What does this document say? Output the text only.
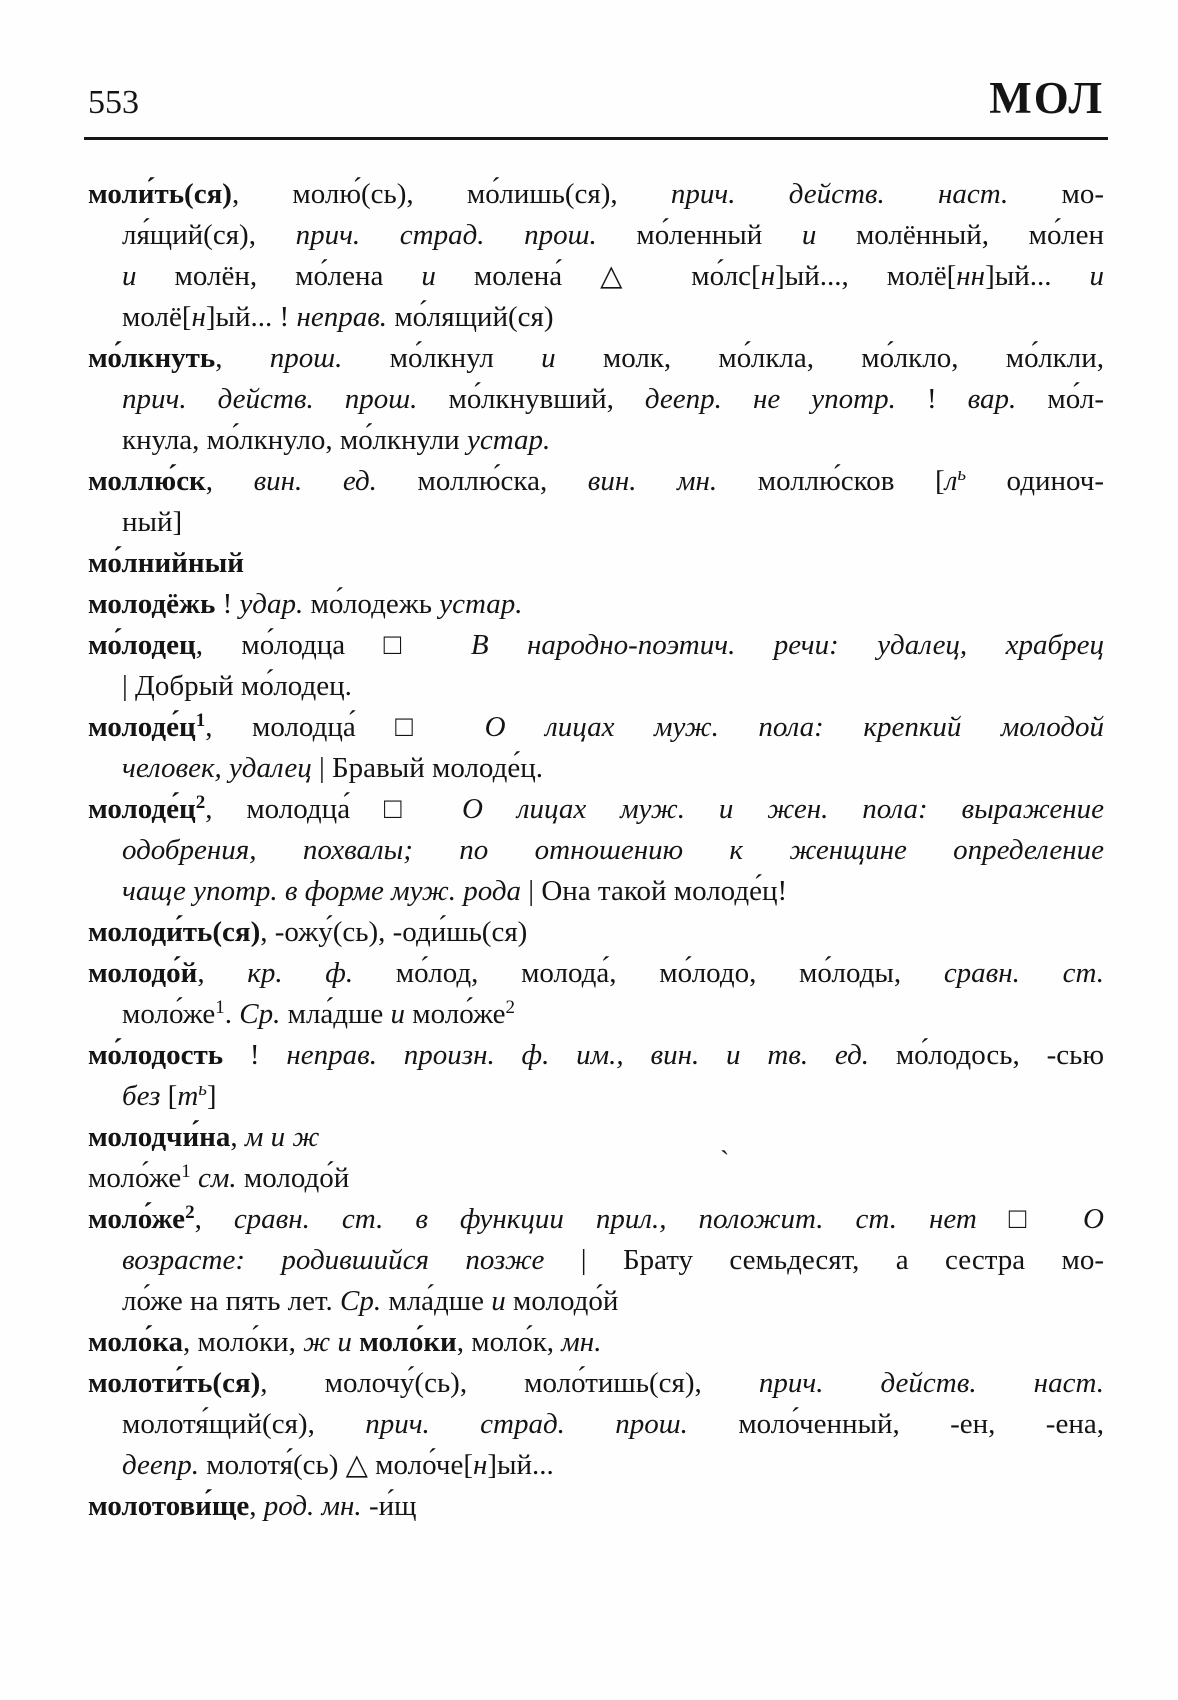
553	МОЛ
моли́ть(ся), молю́(сь), мо́лишь(ся), прич. действ. наст. мо-
ля́щий(ся), прич. страд. прош. мо́ленный и молённый, мо́лен
и молён, мо́лена и молена́ △ мо́лс[н]ый..., молё[нн]ый... и
молё[н]ый... ! неправ. мо́лящий(ся)
мо́лкнуть, прош. мо́лкнул и молк, мо́лкла, мо́лкло, мо́лкли,
прич. действ. прош. мо́лкнувший, деепр. не употр. ! вар. мо́л-
кнула, мо́лкнуло, мо́лкнули устар.
моллю́ск, вин. ед. моллю́ска, вин. мн. моллю́сков [$л^ь$ одиноч-
ный]
мо́лнийный
молодёжь ! удар. мо́лодежь устар.
мо́лодец, мо́лодца □ В народно-поэтич. речи: удалец, храбрец
| Добрый мо́лодец.
$молоде́ц^1$, молодца́ □ О лицах муж. пола: крепкий молодой
человек, удалец | Бравый молоде́ц.
$молоде́ц^2$, молодца́ □ О лицах муж. и жен. пола: выражение
одобрения, похвалы; по отношению к женщине определение
чаще употр. в форме муж. рода | Она такой молоде́ц!
молоди́ть(ся), -ожу́(сь), -оди́шь(ся)
молодо́й, кр. ф. мо́лод, молода́, мо́лодо, мо́лоды, сравн. ст.
$моло́же^1$. Ср. мла́дше и $моло́же^2$
мо́лодость ! неправ. произн. ф. им., вин. и тв. ед. мо́лодось, -сью
без $[т^ь]$
молодчи́на, м и ж
$моло́же^1$ см. молодо́й
$моло́же^2$, сравн. ст. в функции прил., положит. ст. нет □ О
возрасте: родившийся позже | Брату семьдесят, а сестра мо-
ло́же на пять лет. Ср. мла́дше и молодо́й
моло́ка, моло́ки, ж и моло́ки, моло́к, мн.
молоти́ть(ся), молочу́(сь), моло́тишь(ся), прич. действ. наст.
молотя́щий(ся), прич. страд. прош. моло́ченный, -ен, -ена,
деепр. молотя́(сь) △ моло́че[н]ый...
молотови́ще, род. мн. -и́щ
ˋ
